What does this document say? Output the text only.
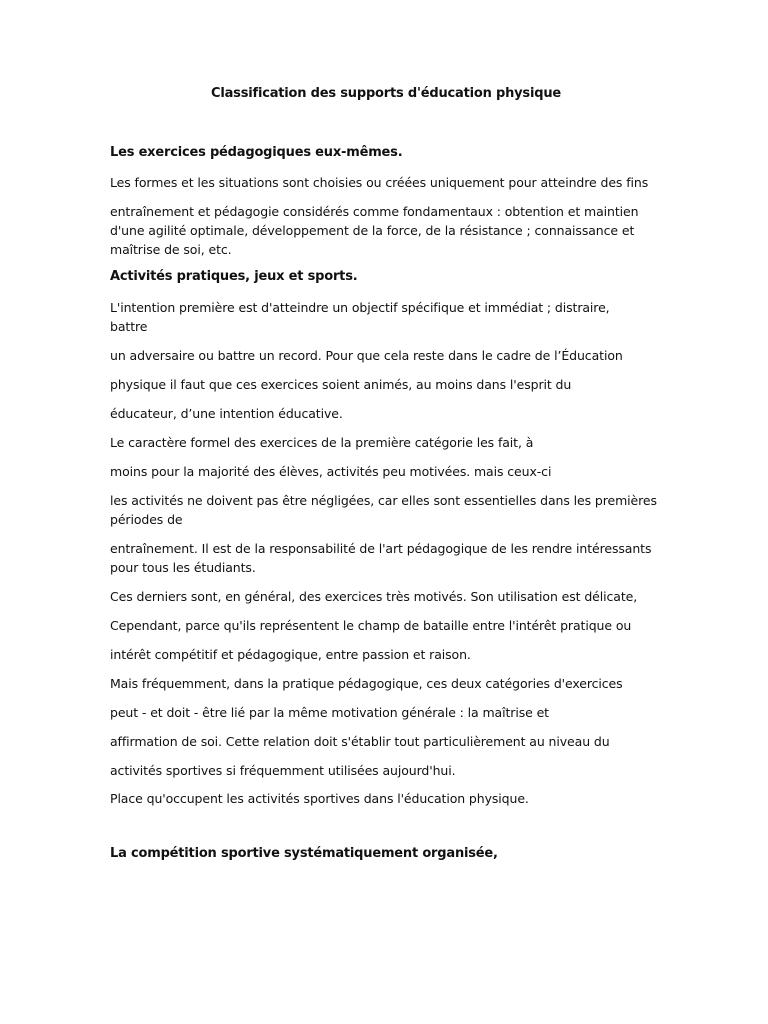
Classification des supports d'éducation physique
Les exercices pédagogiques eux-mêmes.
Les formes et les situations sont choisies ou créées uniquement pour atteindre des fins
entraînement et pédagogie considérés comme fondamentaux : obtention et maintien
d'une agilité optimale, développement de la force, de la résistance ; connaissance et
maîtrise de soi, etc.
Activités pratiques, jeux et sports.
L'intention première est d'atteindre un objectif spécifique et immédiat ; distraire,
battre
un adversaire ou battre un record. Pour que cela reste dans le cadre de l’Éducation
physique il faut que ces exercices soient animés, au moins dans l'esprit du
éducateur, d’une intention éducative.
Le caractère formel des exercices de la première catégorie les fait, à
moins pour la majorité des élèves, activités peu motivées. mais ceux-ci
les activités ne doivent pas être négligées, car elles sont essentielles dans les premières
périodes de
entraînement. Il est de la responsabilité de l'art pédagogique de les rendre intéressants
pour tous les étudiants.
Ces derniers sont, en général, des exercices très motivés. Son utilisation est délicate,
Cependant, parce qu'ils représentent le champ de bataille entre l'intérêt pratique ou
intérêt compétitif et pédagogique, entre passion et raison.
Mais fréquemment, dans la pratique pédagogique, ces deux catégories d'exercices
peut - et doit - être lié par la même motivation générale : la maîtrise et
affirmation de soi. Cette relation doit s'établir tout particulièrement au niveau du
activités sportives si fréquemment utilisées aujourd'hui.
Place qu'occupent les activités sportives dans l'éducation physique.
La compétition sportive systématiquement organisée,
